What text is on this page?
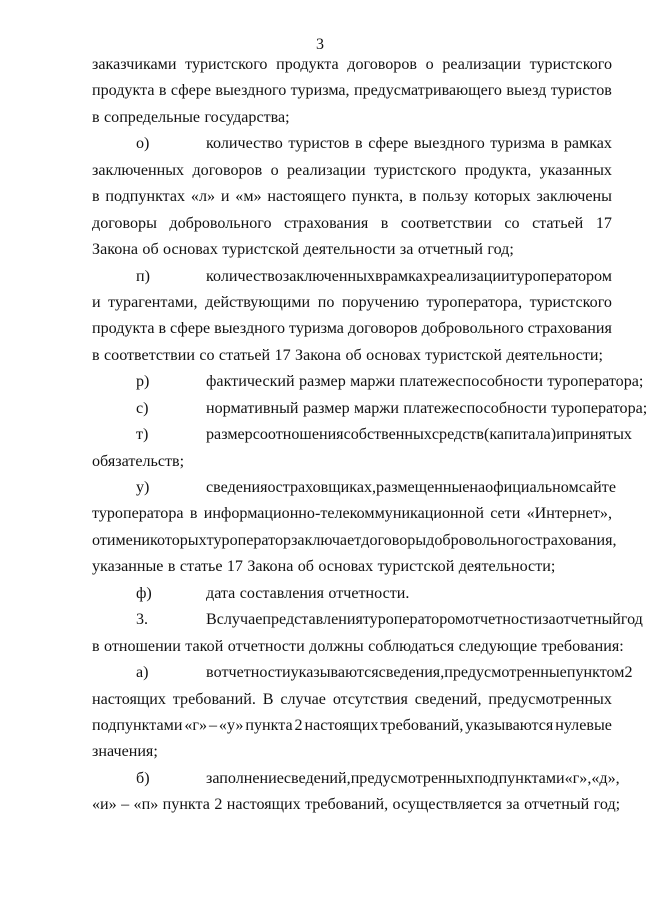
3
заказчиками туристского продукта договоров о реализации туристского
продукта в сфере выездного туризма, предусматривающего выезд туристов
в сопредельные государства;
о)	количество туристов в сфере выездного туризма в рамках
заключенных договоров о реализации туристского продукта, указанных
в подпунктах «л» и «м» настоящего пункта, в пользу которых заключены
договоры добровольного страхования в соответствии со статьей 17
Закона об основах туристской деятельности за отчетный год;
п)	количество заключенных в рамках реализации туроператором
и турагентами, действующими по поручению туроператора, туристского
продукта в сфере выездного туризма договоров добровольного страхования
в соответствии со статьей 17 Закона об основах туристской деятельности;
р)	фактический размер маржи платежеспособности туроператора;
с)	нормативный размер маржи платежеспособности туроператора;
т)	размер соотношения собственных средств (капитала) и принятых
обязательств;
у)	сведения о страховщиках, размещенные на официальном сайте
туроператора в информационно-телекоммуникационной сети «Интернет»,
от имени которых туроператор заключает договоры добровольного страхования,
указанные в статье 17 Закона об основах туристской деятельности;
ф)	дата составления отчетности.
3.	В случае представления туроператором отчетности за отчетный год
в отношении такой отчетности должны соблюдаться следующие требования:
а)	в отчетности указываются сведения, предусмотренные пунктом 2
настоящих требований. В случае отсутствия сведений, предусмотренных
подпунктами «г» – «у» пункта 2 настоящих требований, указываются нулевые
значения;
б)	заполнение сведений, предусмотренных подпунктами «г», «д»,
«и» – «п» пункта 2 настоящих требований, осуществляется за отчетный год;
